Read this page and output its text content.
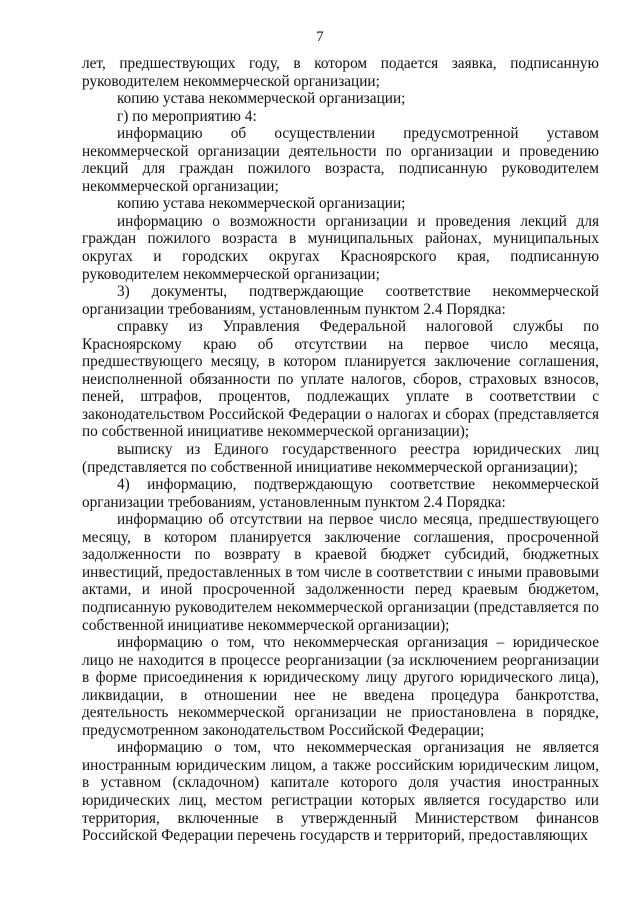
7

лет, предшествующих году, в котором подается заявка, подписанную руководителем некоммерческой организации;

копию устава некоммерческой организации;

г) по мероприятию 4:

информацию об осуществлении предусмотренной уставом некоммерческой организации деятельности по организации и проведению лекций для граждан пожилого возраста, подписанную руководителем некоммерческой организации;

копию устава некоммерческой организации;

информацию о возможности организации и проведения лекций для граждан пожилого возраста в муниципальных районах, муниципальных округах и городских округах Красноярского края, подписанную руководителем некоммерческой организации;

3) документы, подтверждающие соответствие некоммерческой организации требованиям, установленным пунктом 2.4 Порядка:

справку из Управления Федеральной налоговой службы по Красноярскому краю об отсутствии на первое число месяца, предшествующего месяцу, в котором планируется заключение соглашения, неисполненной обязанности по уплате налогов, сборов, страховых взносов, пеней, штрафов, процентов, подлежащих уплате в соответствии с законодательством Российской Федерации о налогах и сборах (представляется по собственной инициативе некоммерческой организации);

выписку из Единого государственного реестра юридических лиц (представляется по собственной инициативе некоммерческой организации);

4) информацию, подтверждающую соответствие некоммерческой организации требованиям, установленным пунктом 2.4 Порядка:

информацию об отсутствии на первое число месяца, предшествующего месяцу, в котором планируется заключение соглашения, просроченной задолженности по возврату в краевой бюджет субсидий, бюджетных инвестиций, предоставленных в том числе в соответствии с иными правовыми актами, и иной просроченной задолженности перед краевым бюджетом, подписанную руководителем некоммерческой организации (представляется по собственной инициативе некоммерческой организации);

информацию о том, что некоммерческая организация – юридическое лицо не находится в процессе реорганизации (за исключением реорганизации в форме присоединения к юридическому лицу другого юридического лица), ликвидации, в отношении нее не введена процедура банкротства, деятельность некоммерческой организации не приостановлена в порядке, предусмотренном законодательством Российской Федерации;

информацию о том, что некоммерческая организация не является иностранным юридическим лицом, а также российским юридическим лицом, в уставном (складочном) капитале которого доля участия иностранных юридических лиц, местом регистрации которых является государство или территория, включенные в утвержденный Министерством финансов Российской Федерации перечень государств и территорий, предоставляющих
